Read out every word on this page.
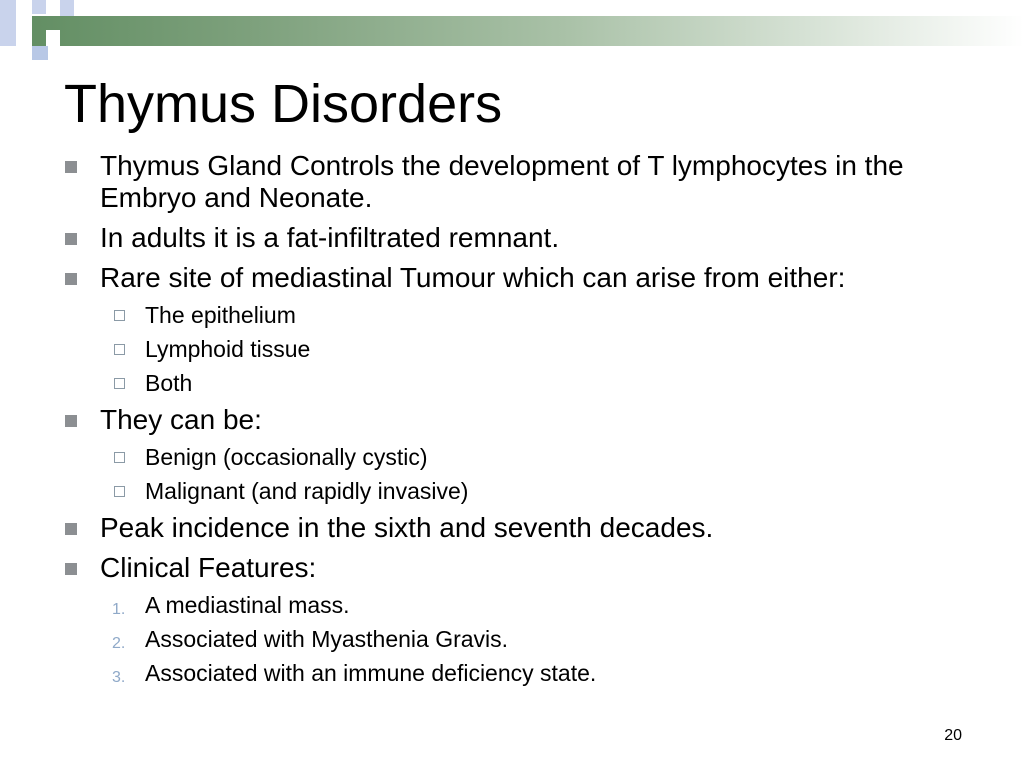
Thymus Disorders
Thymus Gland Controls the development of T lymphocytes in the Embryo and Neonate.
In adults it is a fat-infiltrated remnant.
Rare site of mediastinal Tumour which can arise from either:
The epithelium
Lymphoid tissue
Both
They can be:
Benign (occasionally cystic)
Malignant (and rapidly invasive)
Peak incidence in the sixth and seventh decades.
Clinical Features:
1. A mediastinal mass.
2. Associated with Myasthenia Gravis.
3. Associated with an immune deficiency state.
20
